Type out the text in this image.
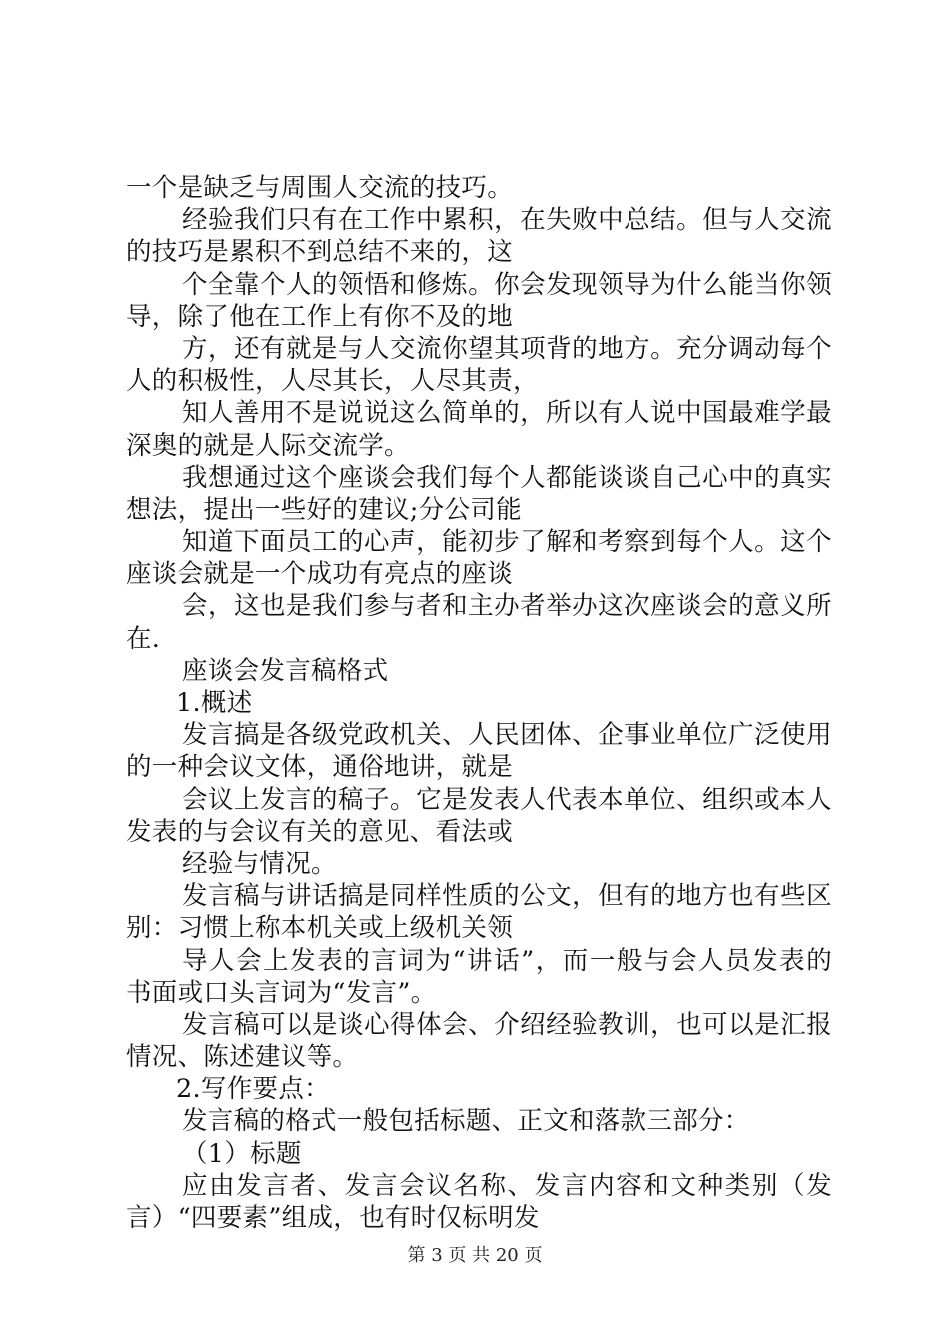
一个是缺乏与周围人交流的技巧。
经验我们只有在工作中累积，在失败中总结。但与人交流
的技巧是累积不到总结不来的，这
个全靠个人的领悟和修炼。你会发现领导为什么能当你领
导，除了他在工作上有你不及的地
方，还有就是与人交流你望其项背的地方。充分调动每个
人的积极性，人尽其长，人尽其责，
知人善用不是说说这么简单的，所以有人说中国最难学最
深奥的就是人际交流学。
我想通过这个座谈会我们每个人都能谈谈自己心中的真实
想法，提出一些好的建议;分公司能
知道下面员工的心声，能初步了解和考察到每个人。这个
座谈会就是一个成功有亮点的座谈
会，这也是我们参与者和主办者举办这次座谈会的意义所
在.
座谈会发言稿格式
1.概述
发言搞是各级党政机关、人民团体、企事业单位广泛使用
的一种会议文体，通俗地讲，就是
会议上发言的稿子。它是发表人代表本单位、组织或本人
发表的与会议有关的意见、看法或
经验与情况。
发言稿与讲话搞是同样性质的公文，但有的地方也有些区
别：习惯上称本机关或上级机关领
导人会上发表的言词为“讲话”，而一般与会人员发表的
书面或口头言词为“发言”。
发言稿可以是谈心得体会、介绍经验教训，也可以是汇报
情况、陈述建议等。
2.写作要点：
发言稿的格式一般包括标题、正文和落款三部分：
（1）标题
应由发言者、发言会议名称、发言内容和文种类别（发
言）“四要素”组成，也有时仅标明发
第 3 页 共 20 页
